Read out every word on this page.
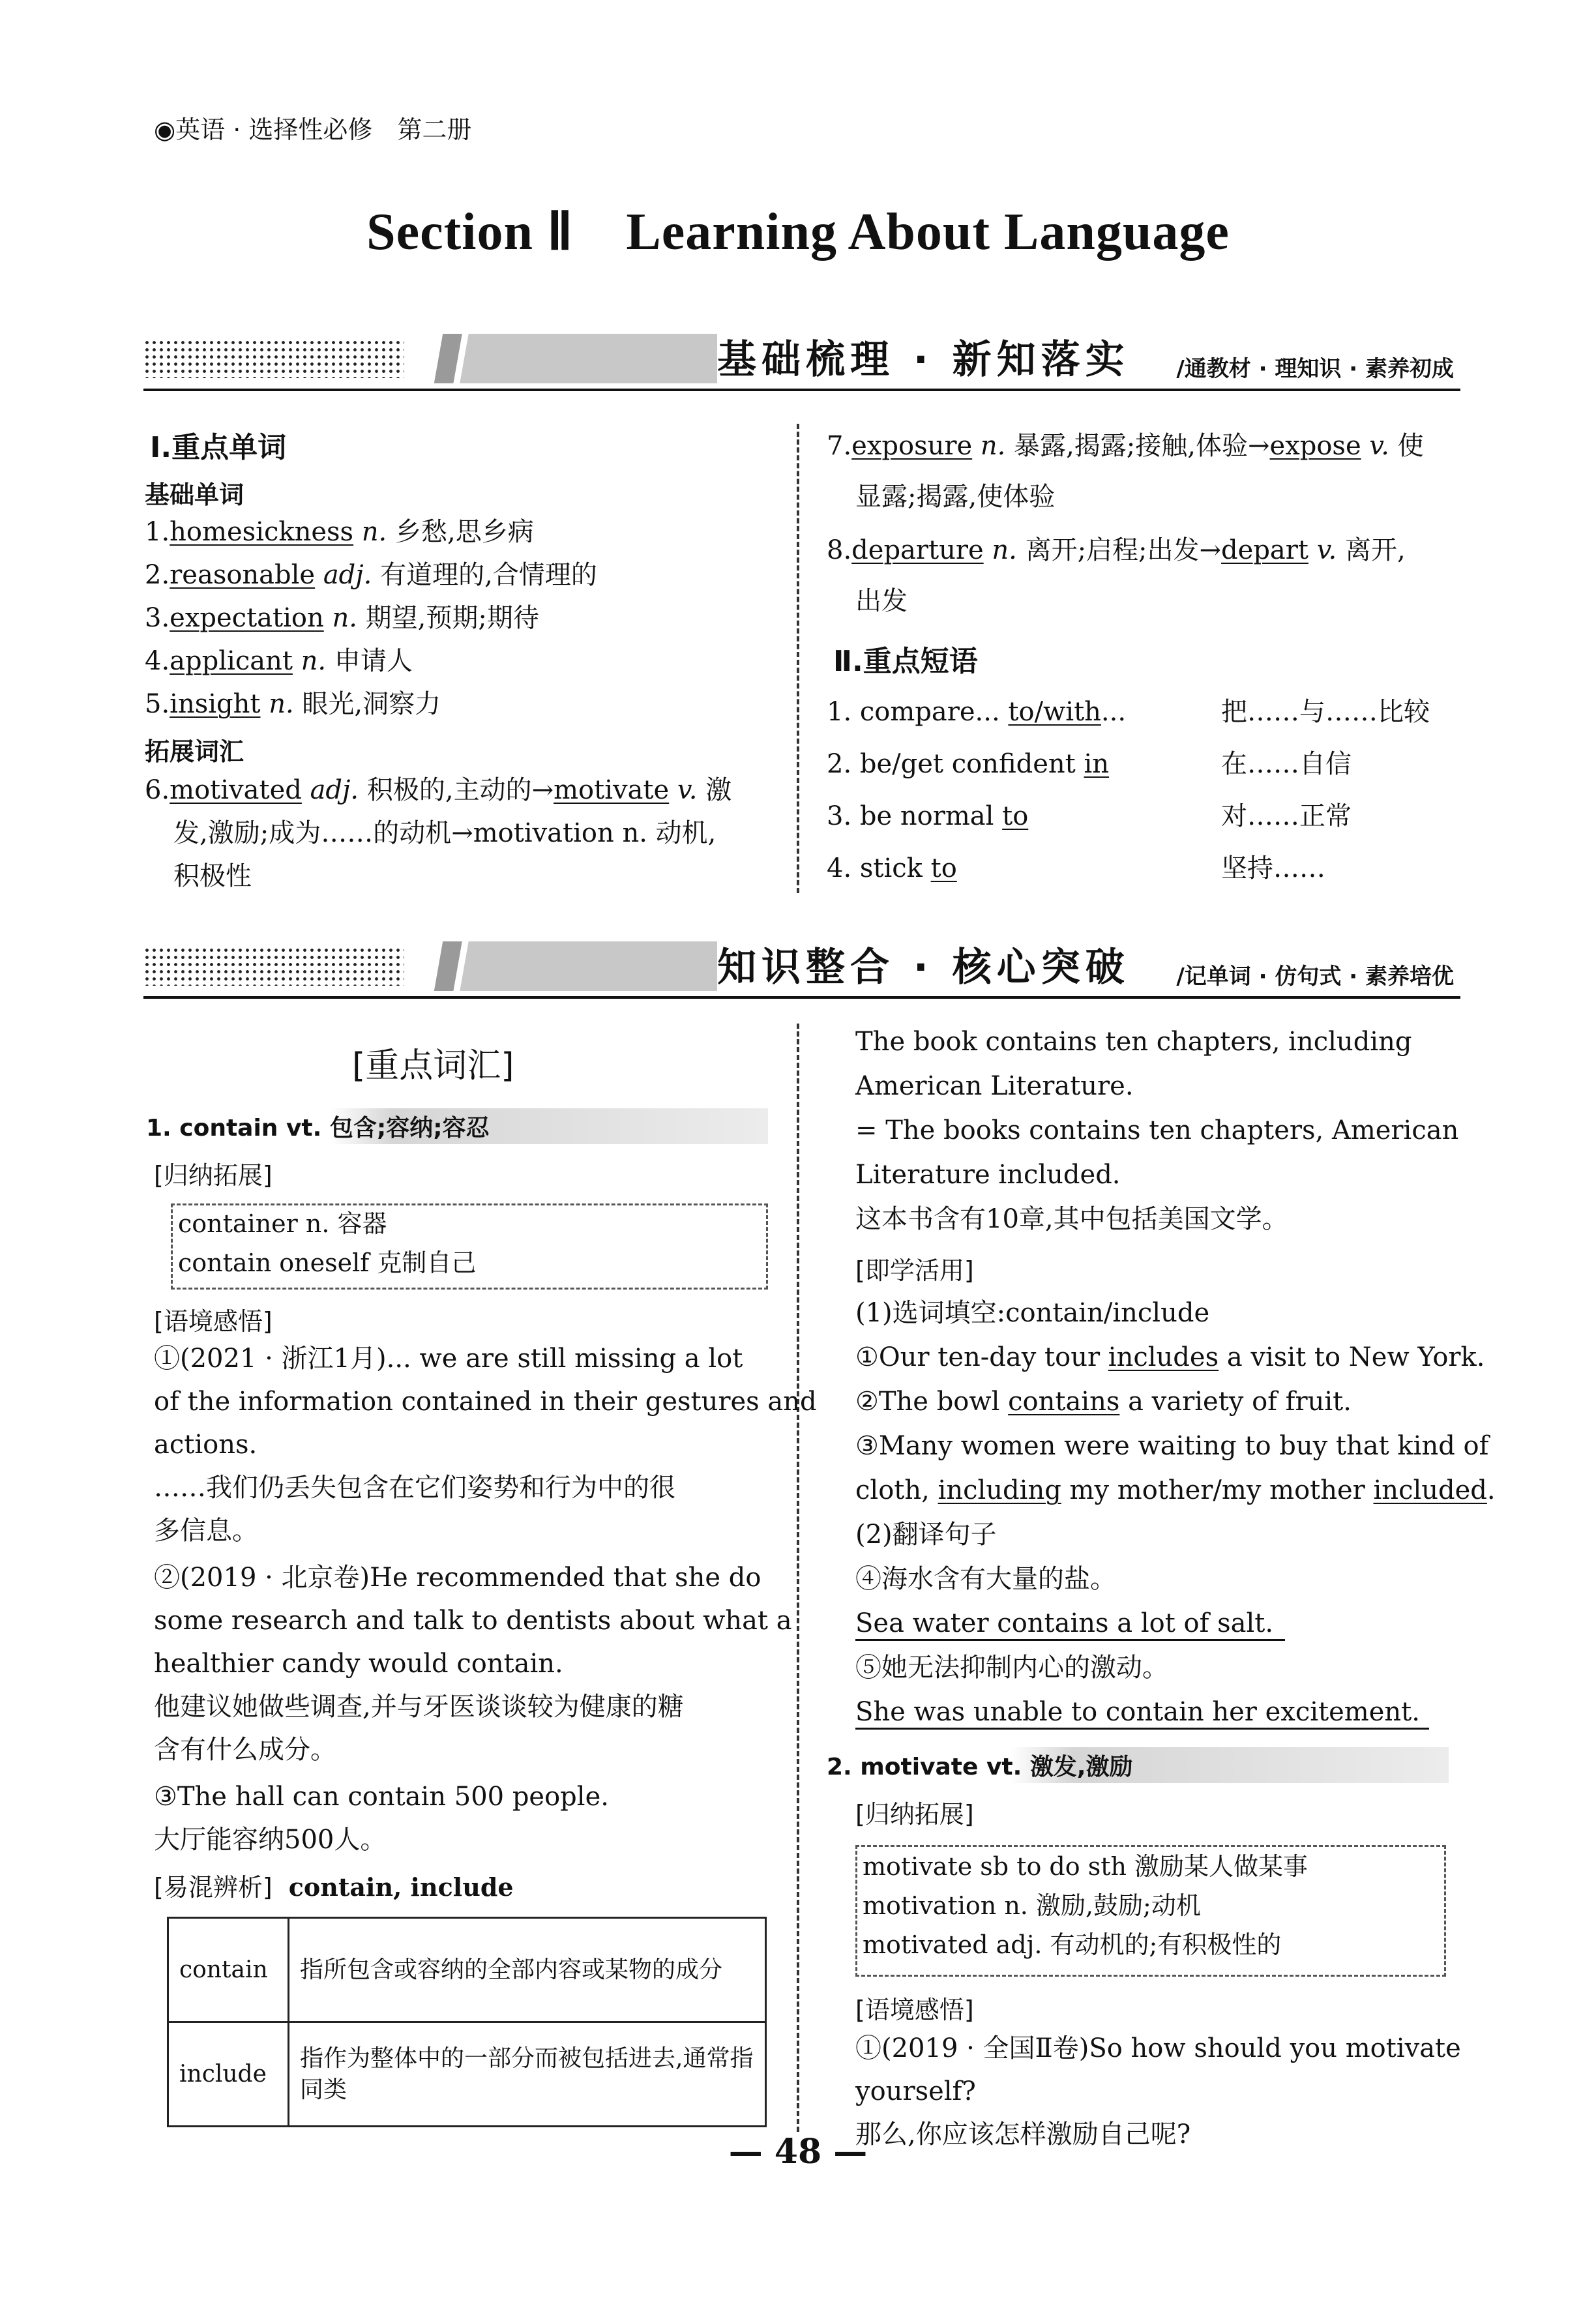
◉英语 · 选择性必修　第二册
Section Ⅱ　Learning About Language
基础梳理 · 新知落实 /通教材 · 理知识 · 素养初成
Ⅰ.重点单词
基础单词
1.homesickness n. 乡愁,思乡病
2.reasonable adj. 有道理的,合情理的
3.expectation n. 期望,预期;期待
4.applicant n. 申请人
5.insight n. 眼光,洞察力
拓展词汇
6.motivated adj. 积极的,主动的→motivate v. 激
发,激励;成为……的动机→motivation n. 动机,
积极性
7.exposure n. 暴露,揭露;接触,体验→expose v. 使
显露;揭露,使体验
8.departure n. 离开;启程;出发→depart v. 离开,
出发
Ⅱ.重点短语
1. compare... to/with...	把……与……比较
2. be/get confident in	在……自信
3. be normal to	对……正常
4. stick to	坚持……
知识整合 · 核心突破 /记单词 · 仿句式 · 素养培优
[重点词汇]
1. contain vt. 包含;容纳;容忍
[归纳拓展]
container n. 容器
contain oneself 克制自己
[语境感悟]
①(2021 · 浙江1月)... we are still missing a lot
of the information contained in their gestures and
actions.
……我们仍丢失包含在它们姿势和行为中的很
多信息。
②(2019 · 北京卷)He recommended that she do
some research and talk to dentists about what a
healthier candy would contain.
他建议她做些调查,并与牙医谈谈较为健康的糖
含有什么成分。
③The hall can contain 500 people.
大厅能容纳500人。
[易混辨析] contain, include
contain	指所包含或容纳的全部内容或某物的成分
include	指作为整体中的一部分而被包括进去,通常指同类
The book contains ten chapters, including
American Literature.
= The books contains ten chapters, American
Literature included.
这本书含有10章,其中包括美国文学。
[即学活用]
(1)选词填空:contain/include
①Our ten-day tour includes a visit to New York.
②The bowl contains a variety of fruit.
③Many women were waiting to buy that kind of
cloth, including my mother/my mother included.
(2)翻译句子
④海水含有大量的盐。
Sea water contains a lot of salt.
⑤她无法抑制内心的激动。
She was unable to contain her excitement.
2. motivate vt. 激发,激励
[归纳拓展]
motivate sb to do sth 激励某人做某事
motivation n. 激励,鼓励;动机
motivated adj. 有动机的;有积极性的
[语境感悟]
①(2019 · 全国Ⅱ卷)So how should you motivate
yourself?
那么,你应该怎样激励自己呢?
— 48 —
